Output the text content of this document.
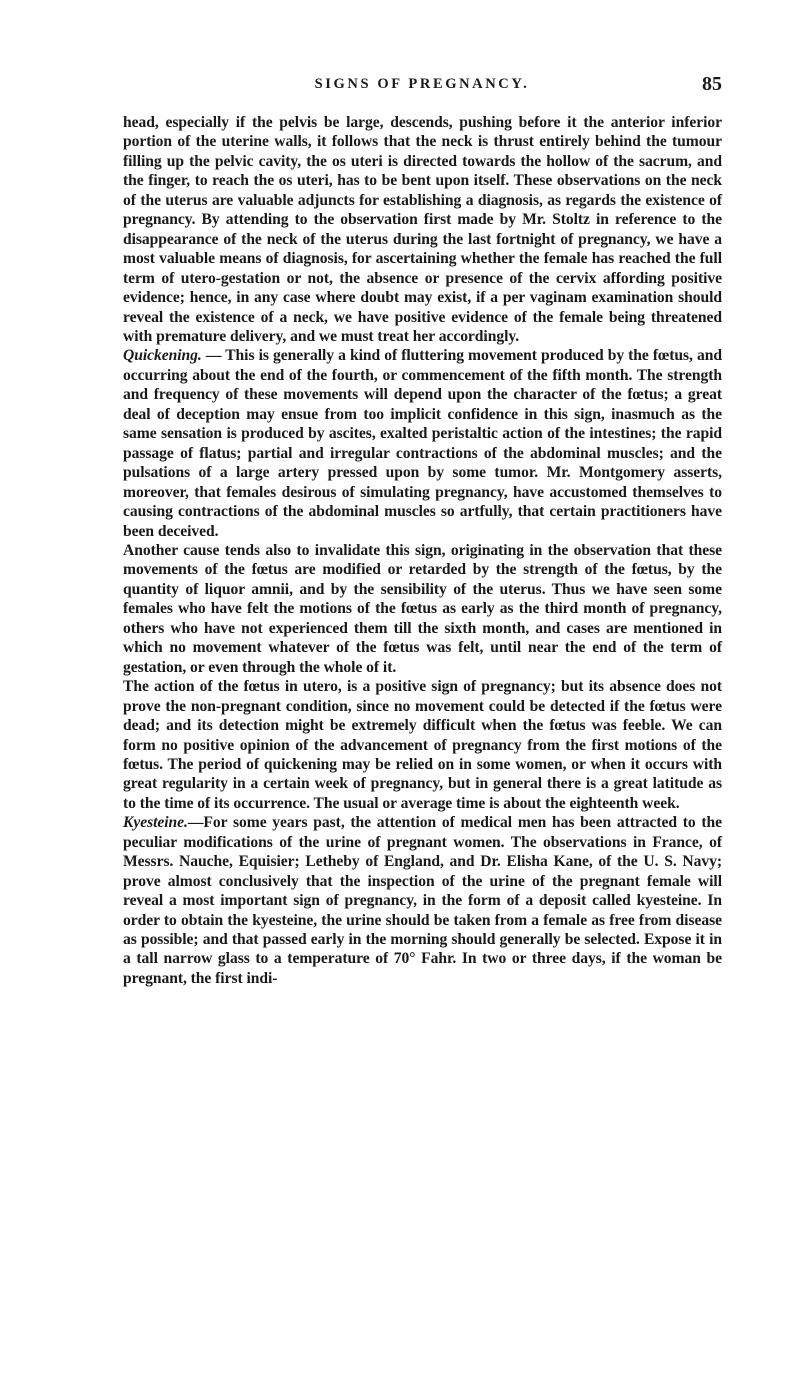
SIGNS OF PREGNANCY.	85

head, especially if the pelvis be large, descends, pushing before it the anterior inferior portion of the uterine walls, it follows that the neck is thrust entirely behind the tumour filling up the pelvic cavity, the os uteri is directed towards the hollow of the sacrum, and the finger, to reach the os uteri, has to be bent upon itself. These observations on the neck of the uterus are valuable adjuncts for establishing a diagnosis, as regards the existence of pregnancy. By attending to the observation first made by Mr. Stoltz in reference to the disappearance of the neck of the uterus during the last fortnight of pregnancy, we have a most valuable means of diagnosis, for ascertaining whether the female has reached the full term of utero-gestation or not, the absence or presence of the cervix affording positive evidence; hence, in any case where doubt may exist, if a per vaginam examination should reveal the existence of a neck, we have positive evidence of the female being threatened with premature delivery, and we must treat her accordingly.

Quickening. — This is generally a kind of fluttering movement produced by the fœtus, and occurring about the end of the fourth, or commencement of the fifth month. The strength and frequency of these movements will depend upon the character of the fœtus; a great deal of deception may ensue from too implicit confidence in this sign, inasmuch as the same sensation is produced by ascites, exalted peristaltic action of the intestines; the rapid passage of flatus; partial and irregular contractions of the abdominal muscles; and the pulsations of a large artery pressed upon by some tumor. Mr. Montgomery asserts, moreover, that females desirous of simulating pregnancy, have accustomed themselves to causing contractions of the abdominal muscles so artfully, that certain practitioners have been deceived.

Another cause tends also to invalidate this sign, originating in the observation that these movements of the fœtus are modified or retarded by the strength of the fœtus, by the quantity of liquor amnii, and by the sensibility of the uterus. Thus we have seen some females who have felt the motions of the fœtus as early as the third month of pregnancy, others who have not experienced them till the sixth month, and cases are mentioned in which no movement whatever of the fœtus was felt, until near the end of the term of gestation, or even through the whole of it.

The action of the fœtus in utero, is a positive sign of pregnancy; but its absence does not prove the non-pregnant condition, since no movement could be detected if the fœtus were dead; and its detection might be extremely difficult when the fœtus was feeble. We can form no positive opinion of the advancement of pregnancy from the first motions of the fœtus. The period of quickening may be relied on in some women, or when it occurs with great regularity in a certain week of pregnancy, but in general there is a great latitude as to the time of its occurrence. The usual or average time is about the eighteenth week.

Kyesteine.—For some years past, the attention of medical men has been attracted to the peculiar modifications of the urine of pregnant women. The observations in France, of Messrs. Nauche, Equisier; Letheby of England, and Dr. Elisha Kane, of the U. S. Navy; prove almost conclusively that the inspection of the urine of the pregnant female will reveal a most important sign of pregnancy, in the form of a deposit called kyesteine. In order to obtain the kyesteine, the urine should be taken from a female as free from disease as possible; and that passed early in the morning should generally be selected. Expose it in a tall narrow glass to a temperature of 70° Fahr. In two or three days, if the woman be pregnant, the first indi-
